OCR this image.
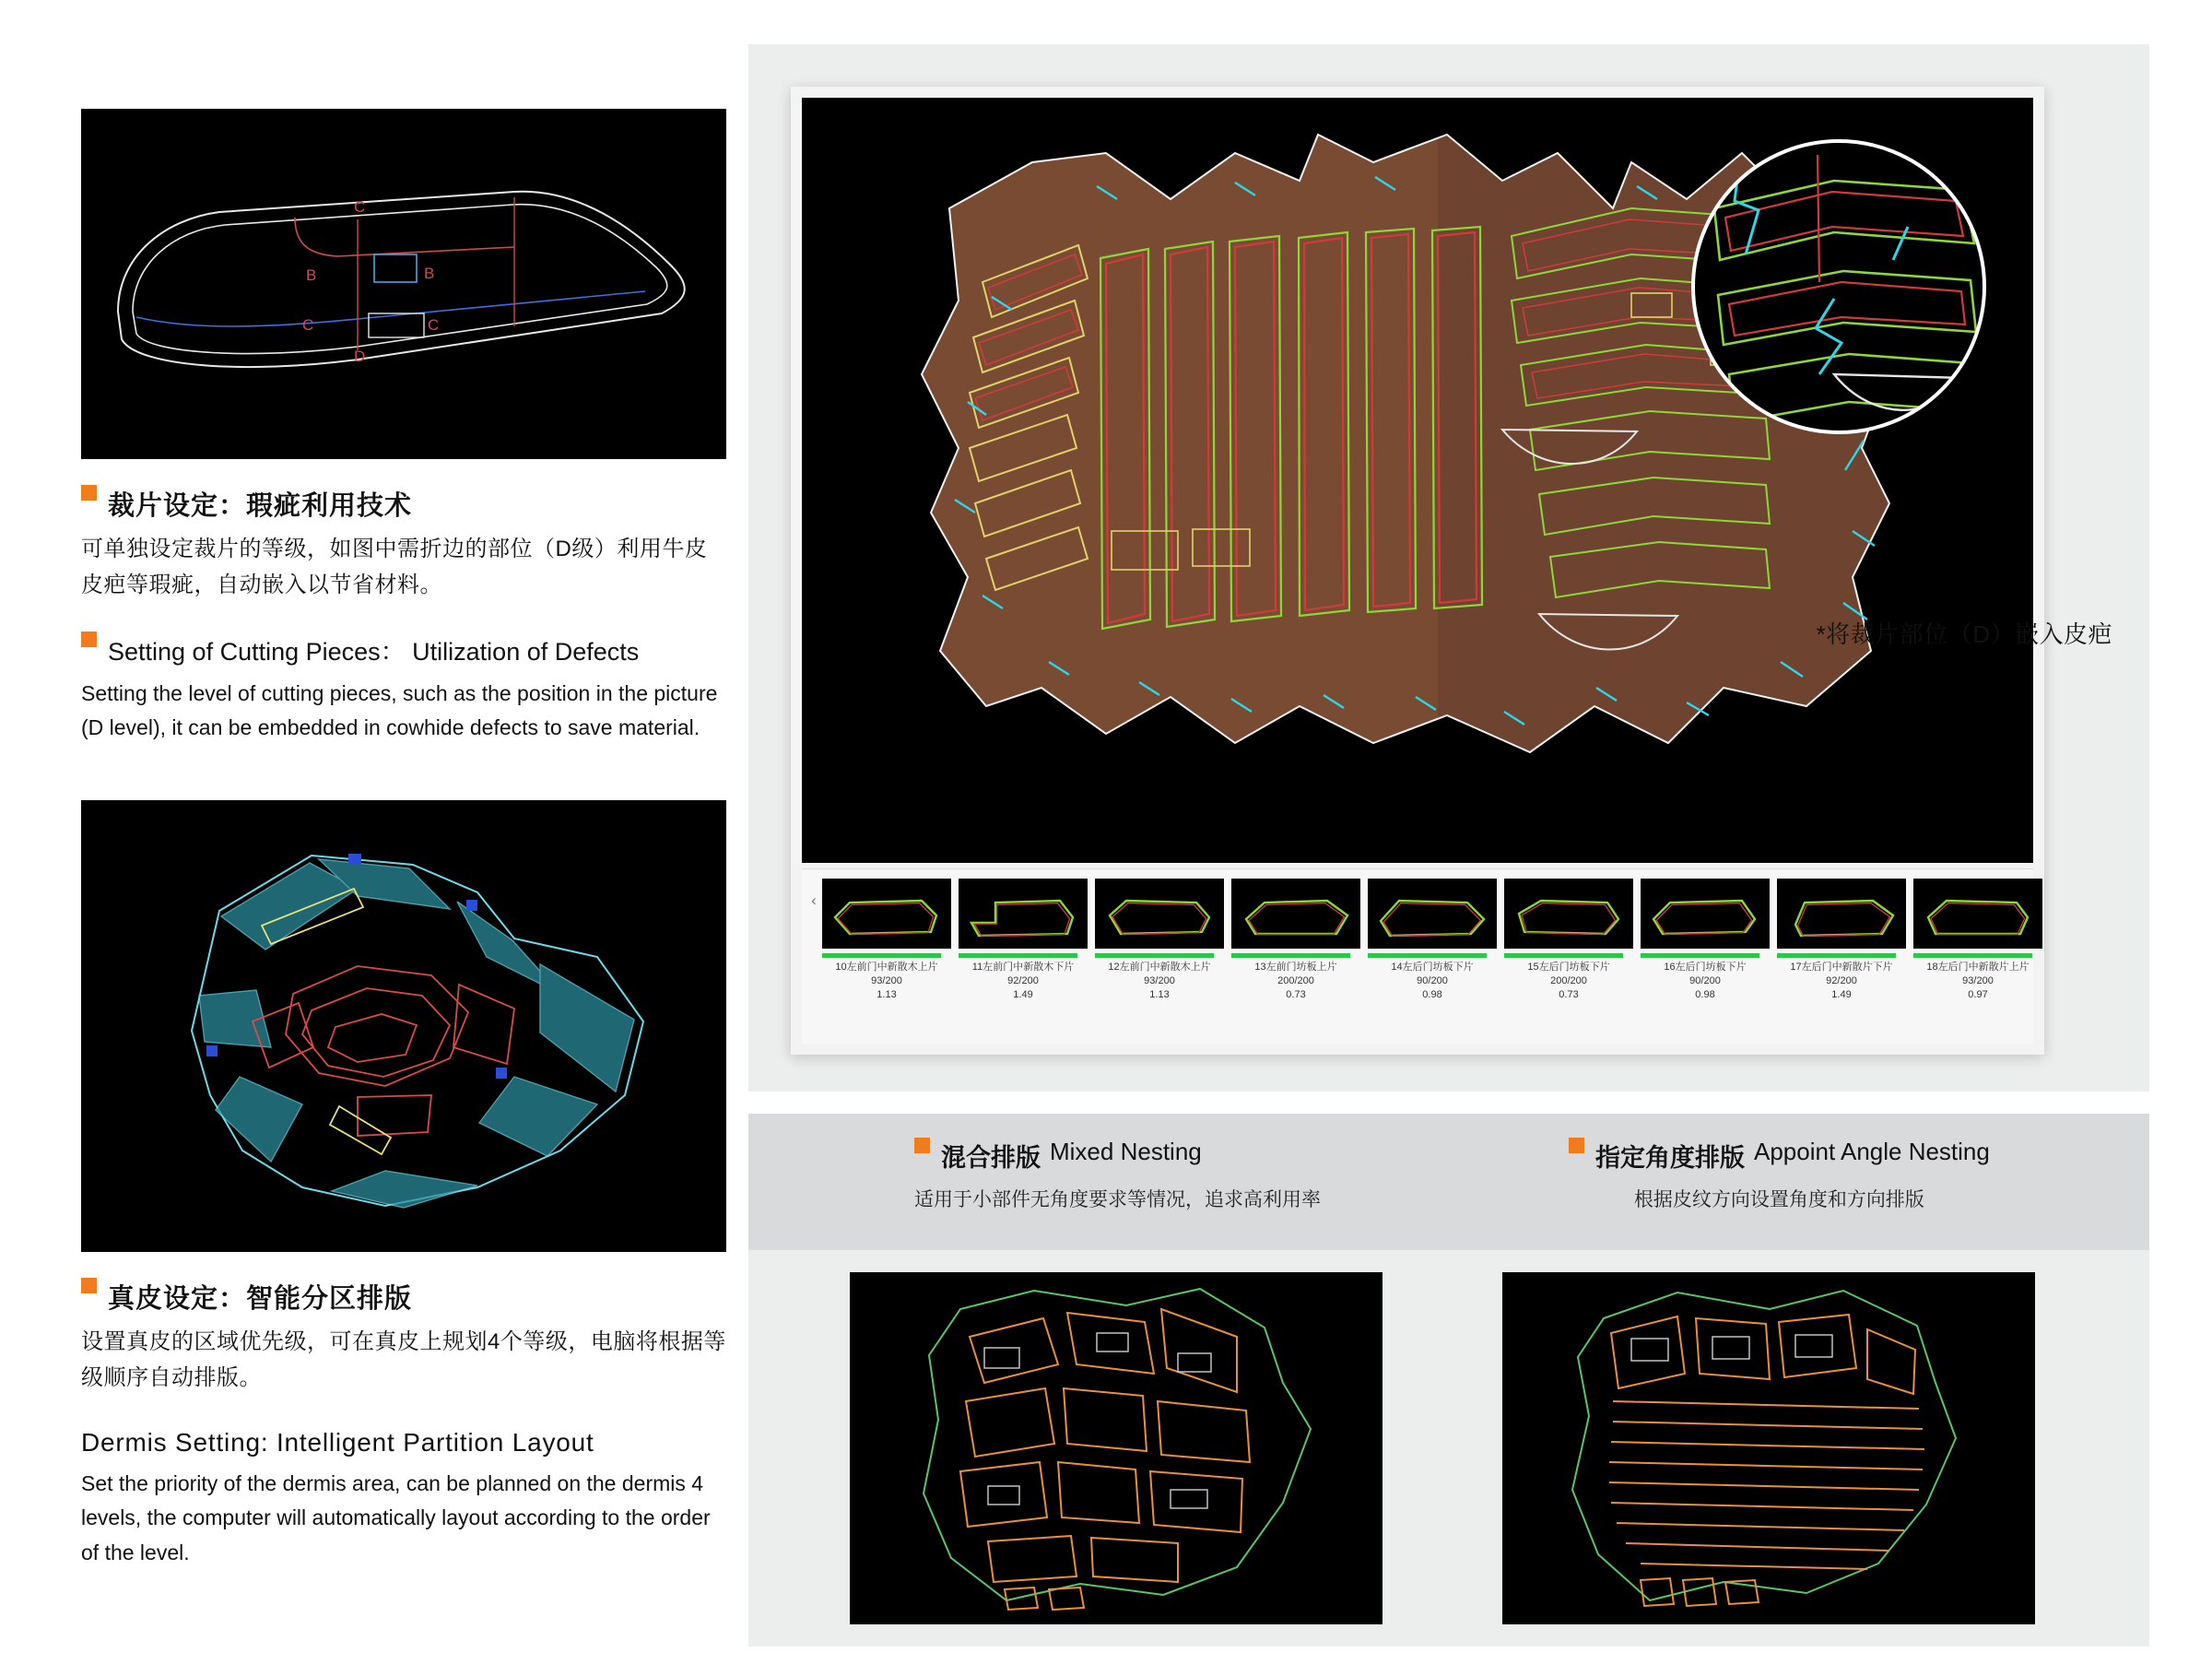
C
B	B
C	C
D
裁片设定：瑕疵利用技术
可单独设定裁片的等级，如图中需折边的部位（D级）利用牛皮皮疤等瑕疵，自动嵌入以节省材料。
Setting of Cutting Pieces： Utilization of Defects
Setting the level of cutting pieces, such as the position in the picture (D level), it can be embedded in cowhide defects to save material.
真皮设定：智能分区排版
设置真皮的区域优先级，可在真皮上规划4个等级，电脑将根据等级顺序自动排版。
Dermis Setting: Intelligent Partition Layout
Set the priority of the dermis area, can be planned on the dermis 4 levels, the computer will automatically layout according to the order of the level.
‹
10左前门中新散木上片
93/200
1.13
11左前门中新散木下片
92/200
1.49
12左前门中新散木上片
93/200
1.13
13左前门坊板上片
200/200
0.73
14左后门坊板下片
90/200
0.98
15左后门坊板下片
200/200
0.73
16左后门坊板下片
90/200
0.98
17左后门中新散片下片
92/200
1.49
18左后门中新散片上片
93/200
0.97
*将裁片部位（D）嵌入皮疤
混合排版 Mixed Nesting
适用于小部件无角度要求等情况，追求高利用率
指定角度排版 Appoint Angle Nesting
根据皮纹方向设置角度和方向排版
